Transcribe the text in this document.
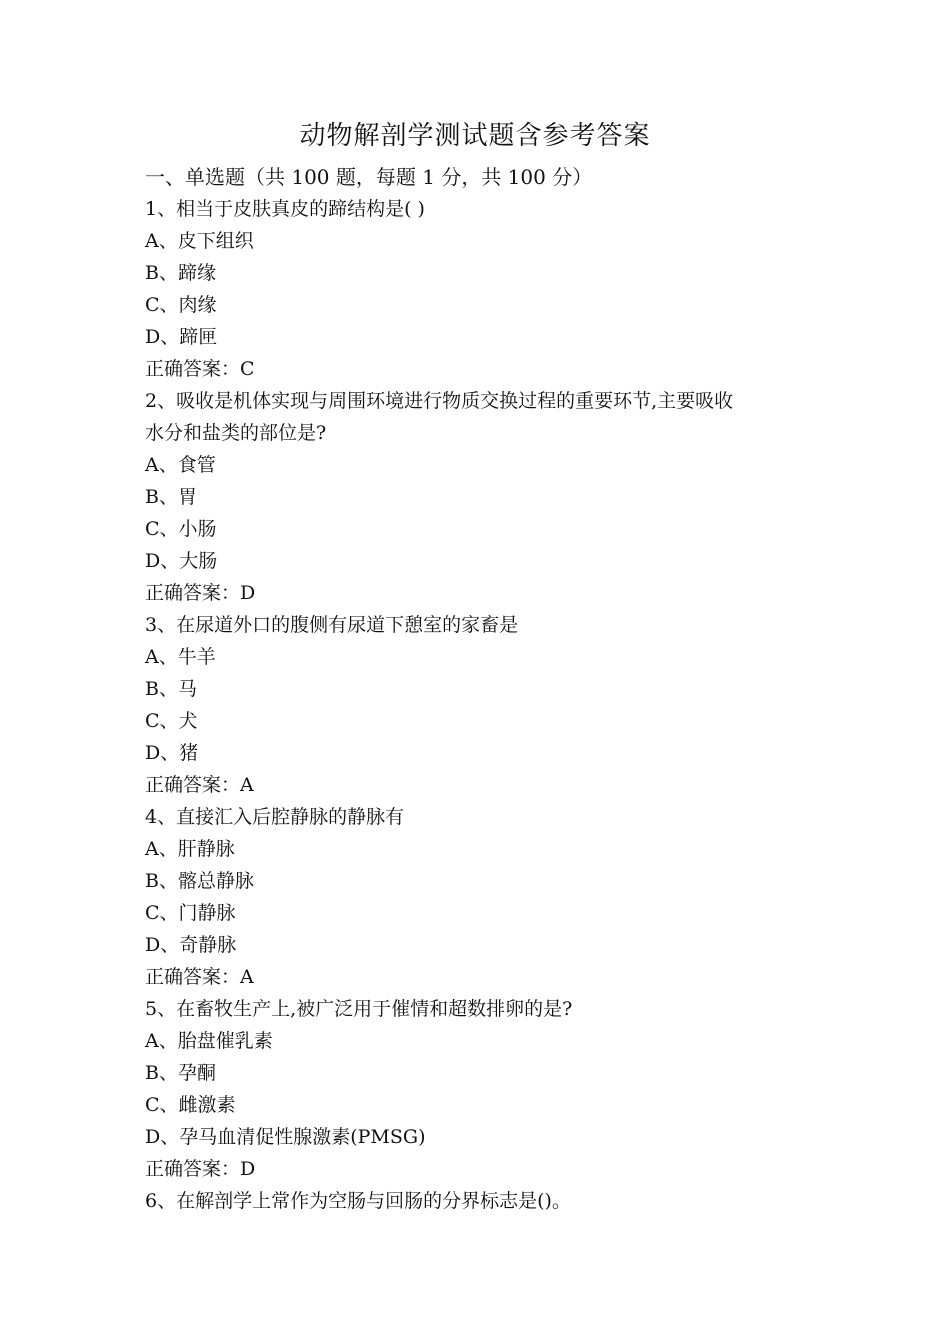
动物解剖学测试题含参考答案
一、单选题（共 100 题，每题 1 分，共 100 分）
1、相当于皮肤真皮的蹄结构是( )
A、皮下组织
B、蹄缘
C、肉缘
D、蹄匣
正确答案：C
2、吸收是机体实现与周围环境进行物质交换过程的重要环节,主要吸收
水分和盐类的部位是?
A、食管
B、胃
C、小肠
D、大肠
正确答案：D
3、在尿道外口的腹侧有尿道下憩室的家畜是
A、牛羊
B、马
C、犬
D、猪
正确答案：A
4、直接汇入后腔静脉的静脉有
A、肝静脉
B、髂总静脉
C、门静脉
D、奇静脉
正确答案：A
5、在畜牧生产上,被广泛用于催情和超数排卵的是?
A、胎盘催乳素
B、孕酮
C、雌激素
D、孕马血清促性腺激素(PMSG)
正确答案：D
6、在解剖学上常作为空肠与回肠的分界标志是()。
